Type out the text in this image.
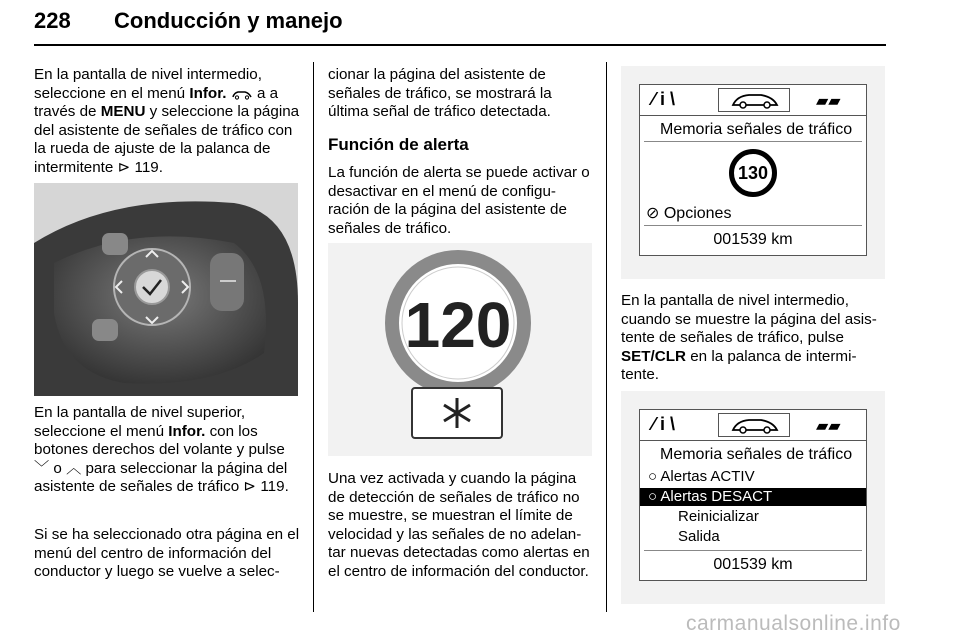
228 Conducción y manejo
En la pantalla de nivel intermedio, seleccione en el menú Infor. a a través de MENU y seleccione la página del asistente de señales de tráfico con la rueda de ajuste de la palanca de intermitente ⊳ 119.
En la pantalla de nivel superior, seleccione el menú Infor. con los botones derechos del volante y pulse ﹀ o ︿ para seleccionar la página del asistente de señales de tráfico ⊳ 119.
Si se ha seleccionado otra página en el menú del centro de información del conductor y luego se vuelve a selec-
cionar la página del asistente de señales de tráfico, se mostrará la última señal de tráfico detectada.
Función de alerta
La función de alerta se puede activar o desactivar en el menú de configu- ración de la página del asistente de señales de tráfico.
120
Una vez activada y cuando la página de detección de señales de tráfico no se muestre, se muestran el límite de velocidad y las señales de no adelan- tar nuevas detectadas como alertas en el centro de información del conductor.
⁄ i \	▰▰
Memoria señales de tráfico
130
⊘ Opciones
001539 km
En la pantalla de nivel intermedio, cuando se muestre la página del asis- tente de señales de tráfico, pulse SET/CLR en la palanca de intermi- tente.
⁄ i \	▰▰
Memoria señales de tráfico
○ Alertas ACTIV
○ Alertas DESACT
Reinicializar
Salida
001539 km
carmanualsonline.info
